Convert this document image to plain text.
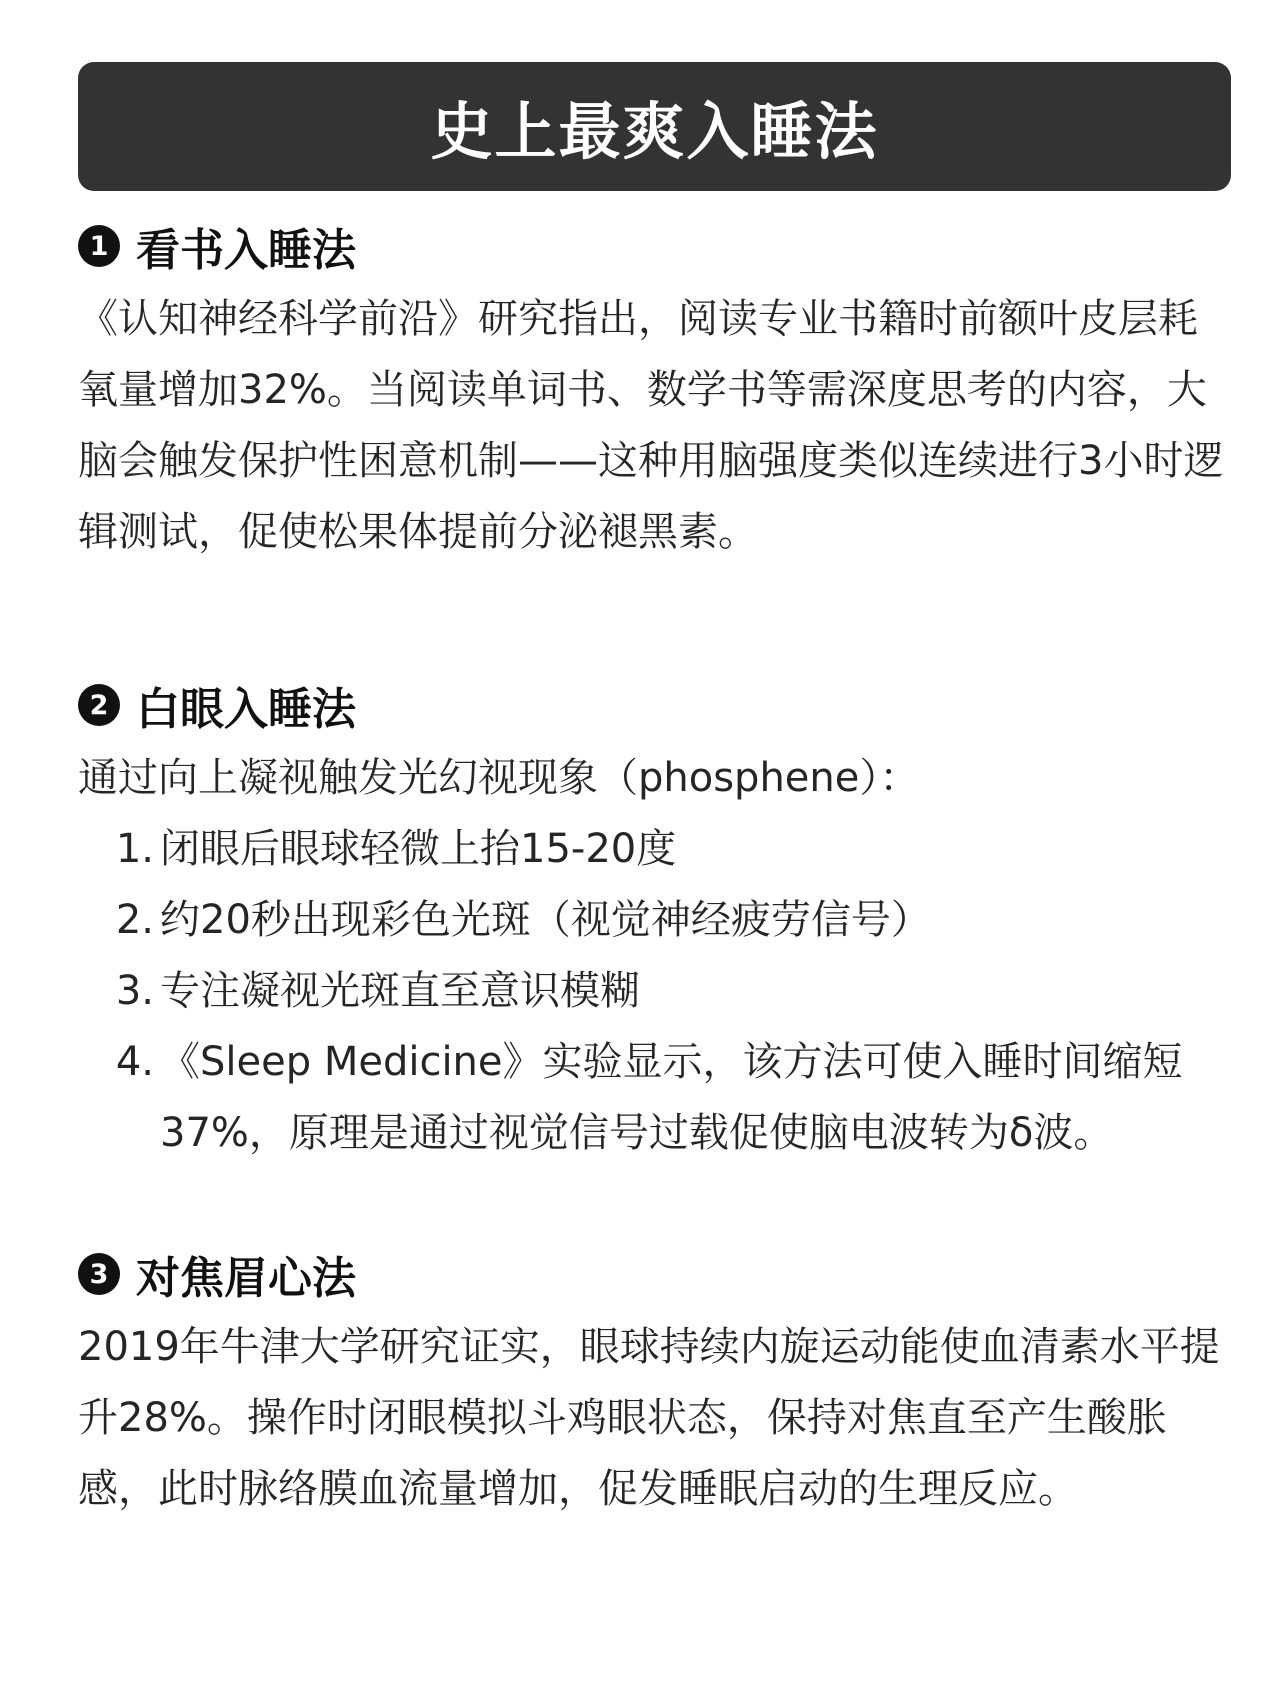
史上最爽入睡法
1 看书入睡法

《认知神经科学前沿》研究指出，阅读专业书籍时前额叶皮层耗氧量增加32%。当阅读单词书、数学书等需深度思考的内容，大脑会触发保护性困意机制——这种用脑强度类似连续进行3小时逻辑测试，促使松果体提前分泌褪黑素。

2 白眼入睡法

通过向上凝视触发光幻视现象（phosphene）：

1. 闭眼后眼球轻微上抬15-20度
2. 约20秒出现彩色光斑（视觉神经疲劳信号）
3. 专注凝视光斑直至意识模糊
4. 《Sleep Medicine》实验显示，该方法可使入睡时间缩短37%，原理是通过视觉信号过载促使脑电波转为δ波。
3 对焦眉心法

2019年牛津大学研究证实，眼球持续内旋运动能使血清素水平提升28%。操作时闭眼模拟斗鸡眼状态，保持对焦直至产生酸胀感，此时脉络膜血流量增加，促发睡眠启动的生理反应。
